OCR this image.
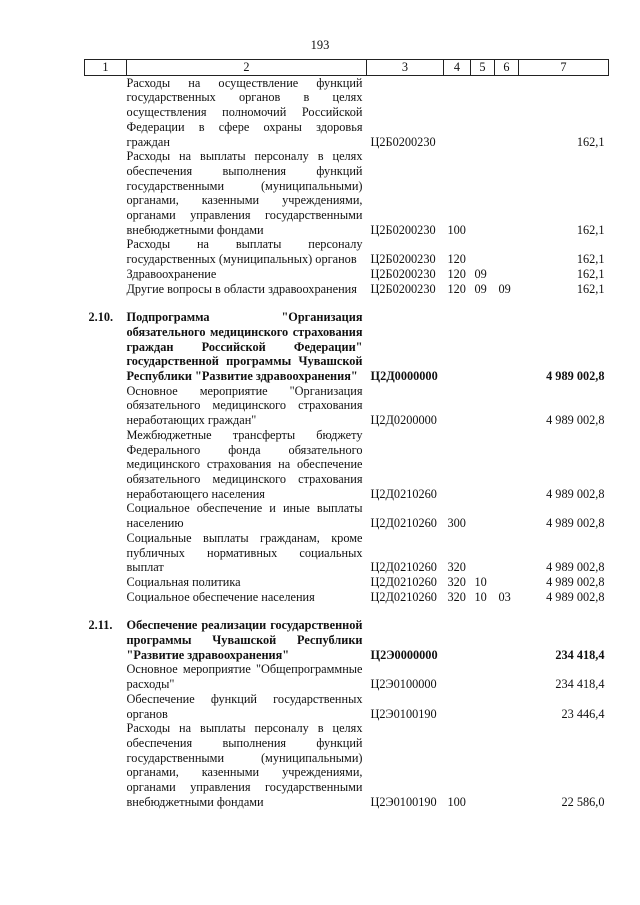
193
1	2	3	4	5	6	7
	Расходы на осуществление функций государственных органов в целях осуществления полномочий Российской Федерации в сфере охраны здоровья граждан	Ц2Б0200230				162,1
	Расходы на выплаты персоналу в целях обеспечения выполнения функций государственными (муниципальными) органами, казенными учреждениями, органами управления государственными внебюджетными фондами	Ц2Б0200230	100			162,1
	Расходы на выплаты персоналу государственных (муниципальных) органов	Ц2Б0200230	120			162,1
	Здравоохранение	Ц2Б0200230	120	09		162,1
	Другие вопросы в области здравоохранения	Ц2Б0200230	120	09	09	162,1

2.10.	Подпрограмма "Организация обязательного медицинского страхования граждан Российской Федерации" государственной программы Чувашской Республики "Развитие здравоохранения"	Ц2Д0000000				4 989 002,8
	Основное мероприятие "Организация обязательного медицинского страхования неработающих граждан"	Ц2Д0200000				4 989 002,8
	Межбюджетные трансферты бюджету Федерального фонда обязательного медицинского страхования на обеспечение обязательного медицинского страхования неработающего населения	Ц2Д0210260				4 989 002,8
	Социальное обеспечение и иные выплаты населению	Ц2Д0210260	300			4 989 002,8
	Социальные выплаты гражданам, кроме публичных нормативных социальных выплат	Ц2Д0210260	320			4 989 002,8
	Социальная политика	Ц2Д0210260	320	10		4 989 002,8
	Социальное обеспечение населения	Ц2Д0210260	320	10	03	4 989 002,8

2.11.	Обеспечение реализации государственной программы Чувашской Республики "Развитие здравоохранения"	Ц2Э0000000				234 418,4
	Основное мероприятие "Общепрограммные расходы"	Ц2Э0100000				234 418,4
	Обеспечение функций государственных органов	Ц2Э0100190				23 446,4
	Расходы на выплаты персоналу в целях обеспечения выполнения функций государственными (муниципальными) органами, казенными учреждениями, органами управления государственными внебюджетными фондами	Ц2Э0100190	100			22 586,0
